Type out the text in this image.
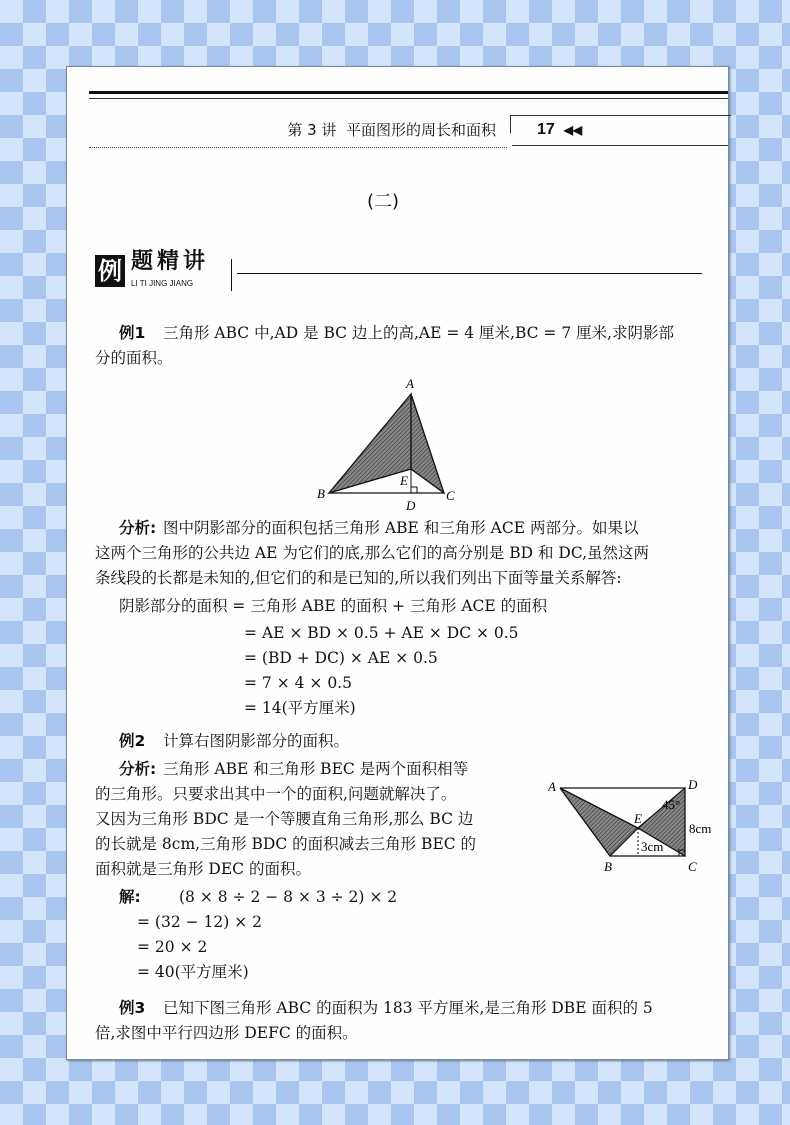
第 3 讲  平面图形的周长和面积	17 ◀◀
(二)
例 题精讲
LI TI JING JIANG
例1 三角形 ABC 中,AD 是 BC 边上的高,AE = 4 厘米,BC = 7 厘米,求阴影部
分的面积。
A
B	C
D
E
分析: 图中阴影部分的面积包括三角形 ABE 和三角形 ACE 两部分。如果以
这两个三角形的公共边 AE 为它们的底,那么它们的高分别是 BD 和 DC,虽然这两
条线段的长都是未知的,但它们的和是已知的,所以我们列出下面等量关系解答:
阴影部分的面积 = 三角形 ABE 的面积 + 三角形 ACE 的面积
= AE × BD × 0.5 + AE × DC × 0.5
= (BD + DC) × AE × 0.5
= 7 × 4 × 0.5
= 14(平方厘米)
例2 计算右图阴影部分的面积。
分析: 三角形 ABE 和三角形 BEC 是两个面积相等
的三角形。只要求出其中一个的面积,问题就解决了。
又因为三角形 BDC 是一个等腰直角三角形,那么 BC 边
的长就是 8cm,三角形 BDC 的面积减去三角形 BEC 的
面积就是三角形 DEC 的面积。
解: (8 × 8 ÷ 2 − 8 × 3 ÷ 2) × 2
= (32 − 12) × 2
= 20 × 2
= 40(平方厘米)
A	D
B	C
E
45°
8cm
3cm
例3 已知下图三角形 ABC 的面积为 183 平方厘米,是三角形 DBE 面积的 5
倍,求图中平行四边形 DEFC 的面积。
